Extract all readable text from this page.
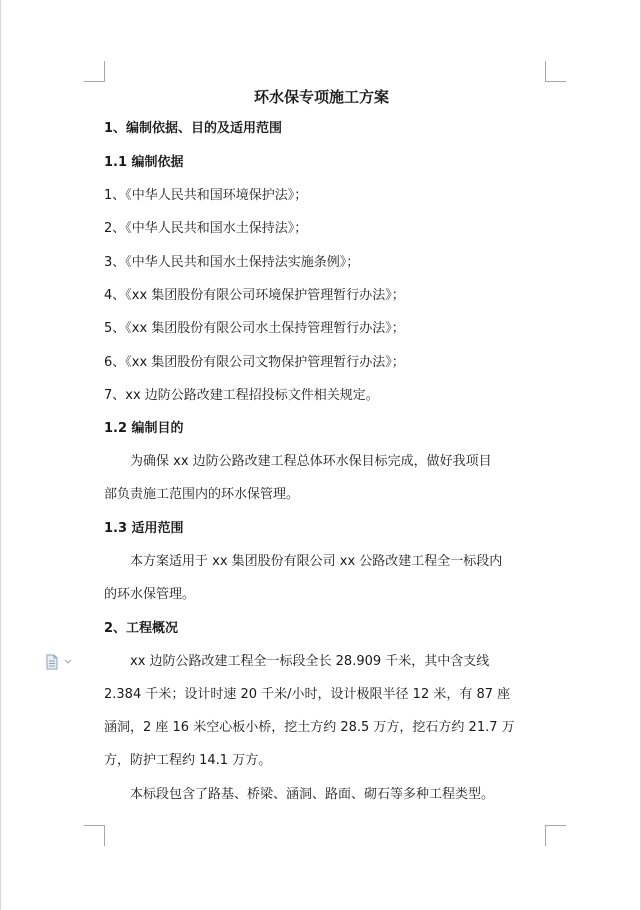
环水保专项施工方案
1、编制依据、目的及适用范围
1.1 编制依据
1、《中华人民共和国环境保护法》；
2、《中华人民共和国水土保持法》；
3、《中华人民共和国水土保持法实施条例》；
4、《xx 集团股份有限公司环境保护管理暂行办法》；
5、《xx 集团股份有限公司水土保持管理暂行办法》；
6、《xx 集团股份有限公司文物保护管理暂行办法》；
7、xx 边防公路改建工程招投标文件相关规定。
1.2 编制目的
为确保 xx 边防公路改建工程总体环水保目标完成，做好我项目
部负责施工范围内的环水保管理。
1.3 适用范围
本方案适用于 xx 集团股份有限公司 xx 公路改建工程全一标段内
的环水保管理。
2、工程概况
xx 边防公路改建工程全一标段全长 28.909 千米，其中含支线
2.384 千米；设计时速 20 千米/小时，设计极限半径 12 米，有 87 座
涵洞，2 座 16 米空心板小桥，挖土方约 28.5 万方，挖石方约 21.7 万
方，防护工程约 14.1 万方。
本标段包含了路基、桥梁、涵洞、路面、砌石等多种工程类型。
